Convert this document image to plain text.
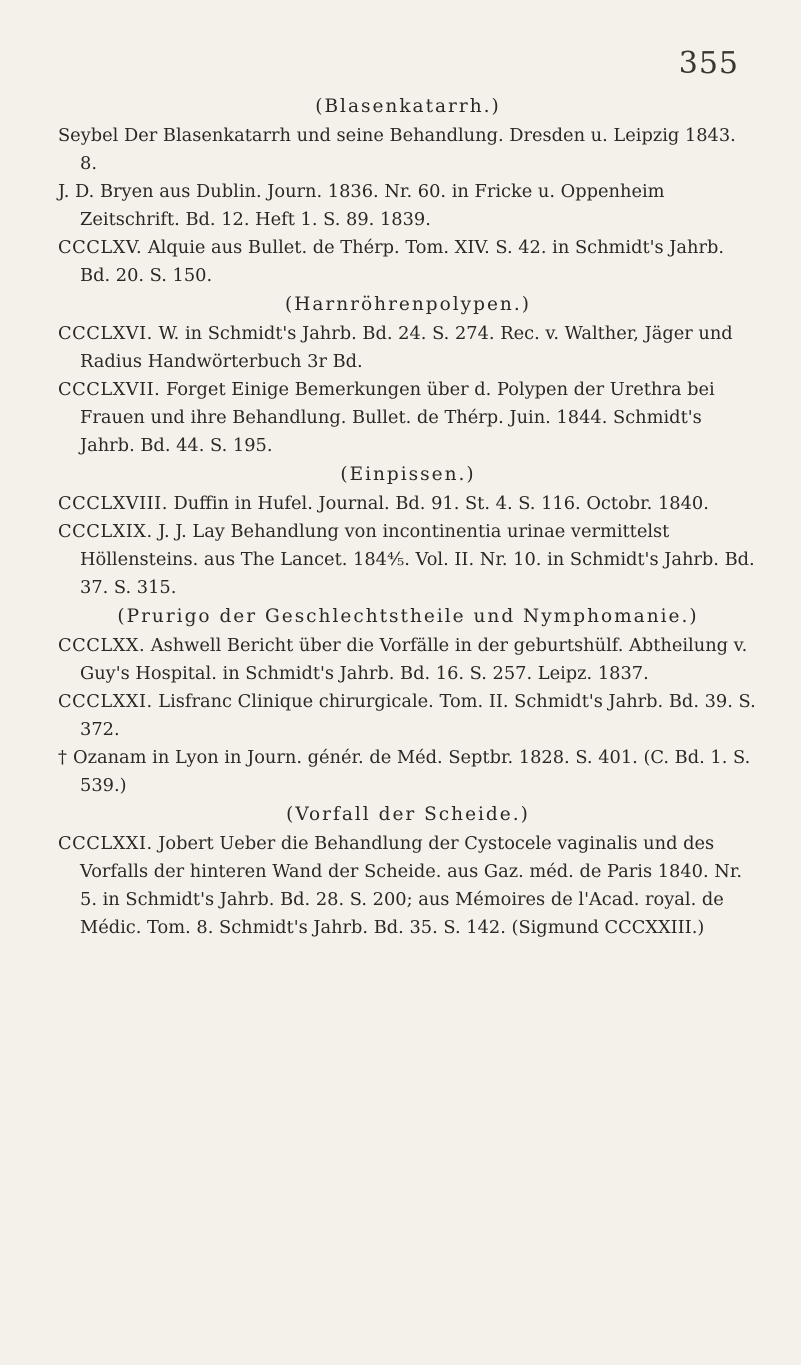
355

(Blasenkatarrh.)

Seybel Der Blasenkatarrh und seine Behandlung. Dresden u. Leipzig 1843. 8.

J. D. Bryen aus Dublin. Journ. 1836. Nr. 60. in Fricke u. Oppenheim Zeitschrift. Bd. 12. Heft 1. S. 89. 1839.

CCCLXV. Alquie aus Bullet. de Thérp. Tom. XIV. S. 42. in Schmidt's Jahrb. Bd. 20. S. 150.

(Harnröhrenpolypen.)

CCCLXVI. W. in Schmidt's Jahrb. Bd. 24. S. 274. Rec. v. Walther, Jäger und Radius Handwörterbuch 3r Bd.

CCCLXVII. Forget Einige Bemerkungen über d. Polypen der Urethra bei Frauen und ihre Behandlung. Bullet. de Thérp. Juin. 1844. Schmidt's Jahrb. Bd. 44. S. 195.

(Einpissen.)

CCCLXVIII. Duffin in Hufel. Journal. Bd. 91. St. 4. S. 116. Octobr. 1840.

CCCLXIX. J. J. Lay Behandlung von incontinentia urinae vermittelst Höllensteins. aus The Lancet. 184⅘. Vol. II. Nr. 10. in Schmidt's Jahrb. Bd. 37. S. 315.

(Prurigo der Geschlechtstheile und Nymphomanie.)

CCCLXX. Ashwell Bericht über die Vorfälle in der geburtshülf. Abtheilung v. Guy's Hospital. in Schmidt's Jahrb. Bd. 16. S. 257. Leipz. 1837.

CCCLXXI. Lisfranc Clinique chirurgicale. Tom. II. Schmidt's Jahrb. Bd. 39. S. 372.

† Ozanam in Lyon in Journ. génér. de Méd. Septbr. 1828. S. 401. (C. Bd. 1. S. 539.)

(Vorfall der Scheide.)

CCCLXXI. Jobert Ueber die Behandlung der Cystocele vaginalis und des Vorfalls der hinteren Wand der Scheide. aus Gaz. méd. de Paris 1840. Nr. 5. in Schmidt's Jahrb. Bd. 28. S. 200; aus Mémoires de l'Acad. royal. de Médic. Tom. 8. Schmidt's Jahrb. Bd. 35. S. 142. (Sigmund CCCXXIII.)
